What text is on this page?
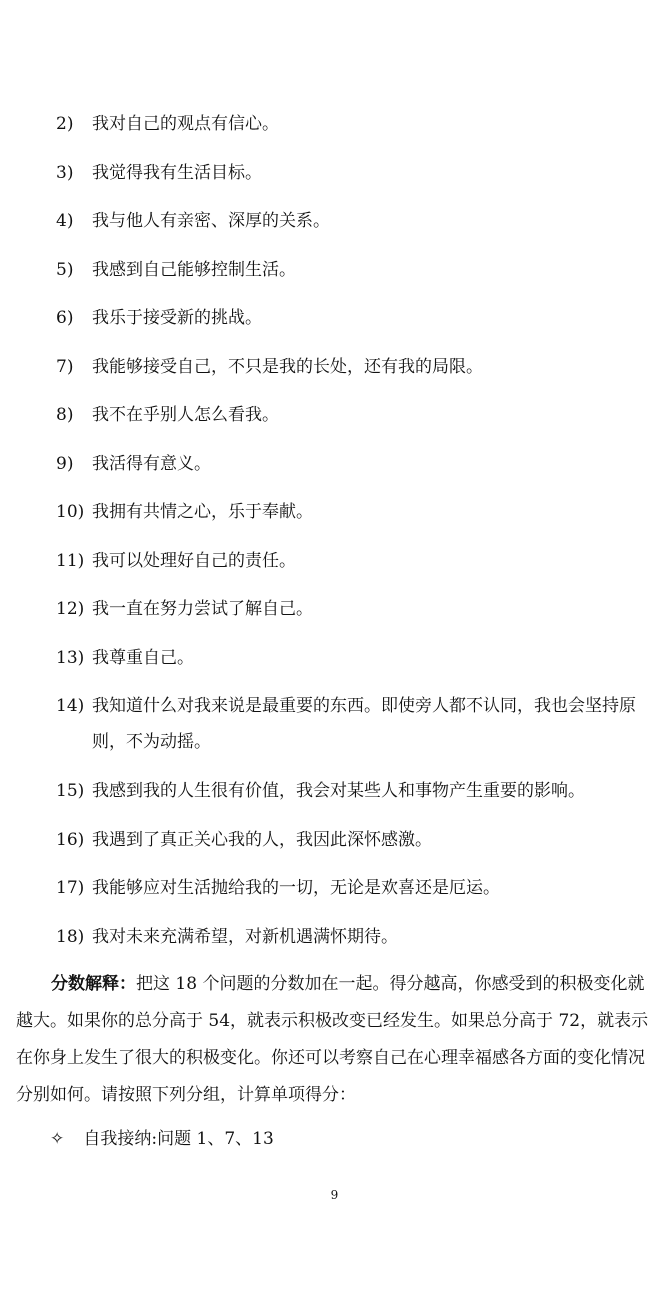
2)	我对自己的观点有信心。
3)	我觉得我有生活目标。
4)	我与他人有亲密、深厚的关系。
5)	我感到自己能够控制生活。
6)	我乐于接受新的挑战。
7)	我能够接受自己，不只是我的长处，还有我的局限。
8)	我不在乎别人怎么看我。
9)	我活得有意义。
10) 我拥有共情之心，乐于奉献。
11) 我可以处理好自己的责任。
12) 我一直在努力尝试了解自己。
13) 我尊重自己。
14) 我知道什么对我来说是最重要的东西。即使旁人都不认同，我也会坚持原则，不为动摇。
15) 我感到我的人生很有价值，我会对某些人和事物产生重要的影响。
16) 我遇到了真正关心我的人，我因此深怀感激。
17) 我能够应对生活抛给我的一切，无论是欢喜还是厄运。
18) 我对未来充满希望，对新机遇满怀期待。
分数解释：把这 18 个问题的分数加在一起。得分越高，你感受到的积极变化就越大。如果你的总分高于 54，就表示积极改变已经发生。如果总分高于 72，就表示在你身上发生了很大的积极变化。你还可以考察自己在心理幸福感各方面的变化情况分别如何。请按照下列分组，计算单项得分：
✧ 自我接纳:问题 1、7、13
9
